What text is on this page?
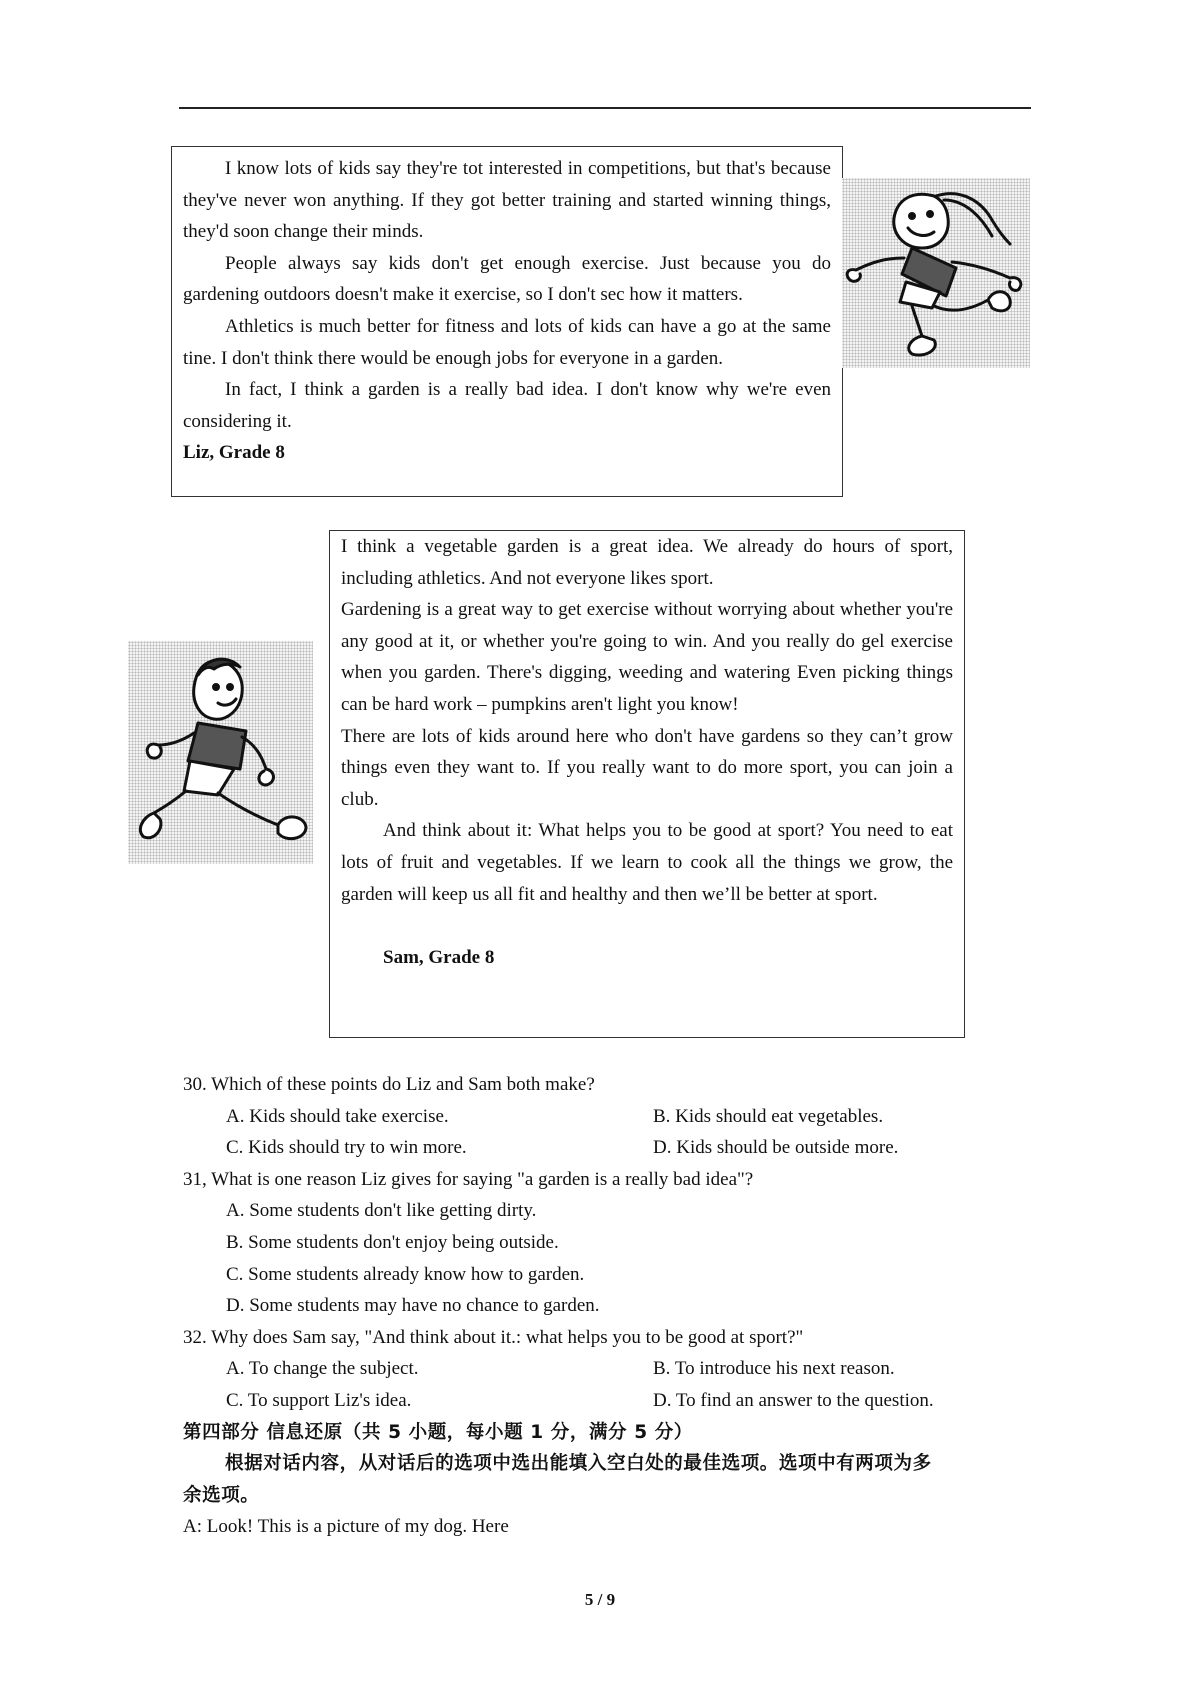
I know lots of kids say they're tot interested in competitions, but that's because they've never won anything. If they got better training and started winning things, they'd soon change their minds.

People always say kids don't get enough exercise. Just because you do gardening outdoors doesn't make it exercise, so I don't sec how it matters.

Athletics is much better for fitness and lots of kids can have a go at the same tine. I don't think there would be enough jobs for everyone in a garden.

In fact, I think a garden is a really bad idea. I don't know why we're even considering it.

Liz, Grade 8

I think a vegetable garden is a great idea. We already do hours of sport, including athletics. And not everyone likes sport.

Gardening is a great way to get exercise without worrying about whether you're any good at it, or whether you're going to win. And you really do gel exercise when you garden. There's digging, weeding and watering Even picking things can be hard work – pumpkins aren't light you know!

There are lots of kids around here who don't have gardens so they can’t grow things even they want to. If you really want to do more sport, you can join a club.

And think about it: What helps you to be good at sport? You need to eat lots of fruit and vegetables. If we learn to cook all the things we grow, the garden will keep us all fit and healthy and then we’ll be better at sport.

Sam, Grade 8
30. Which of these points do Liz and Sam both make?
A. Kids should take exercise.	B. Kids should eat vegetables.
C. Kids should try to win more.	D. Kids should be outside more.
31, What is one reason Liz gives for saying "a garden is a really bad idea"?
A. Some students don't like getting dirty.
B. Some students don't enjoy being outside.
C. Some students already know how to garden.
D. Some students may have no chance to garden.
32. Why does Sam say, "And think about it.: what helps you to be good at sport?"
A. To change the subject.	B. To introduce his next reason.
C. To support Liz's idea.	D. To find an answer to the question.
第四部分 信息还原（共 5 小题，每小题 1 分，满分 5 分）
根据对话内容，从对话后的选项中选出能填入空白处的最佳选项。选项中有两项为多
余选项。
A: Look! This is a picture of my dog. Here
5 / 9
